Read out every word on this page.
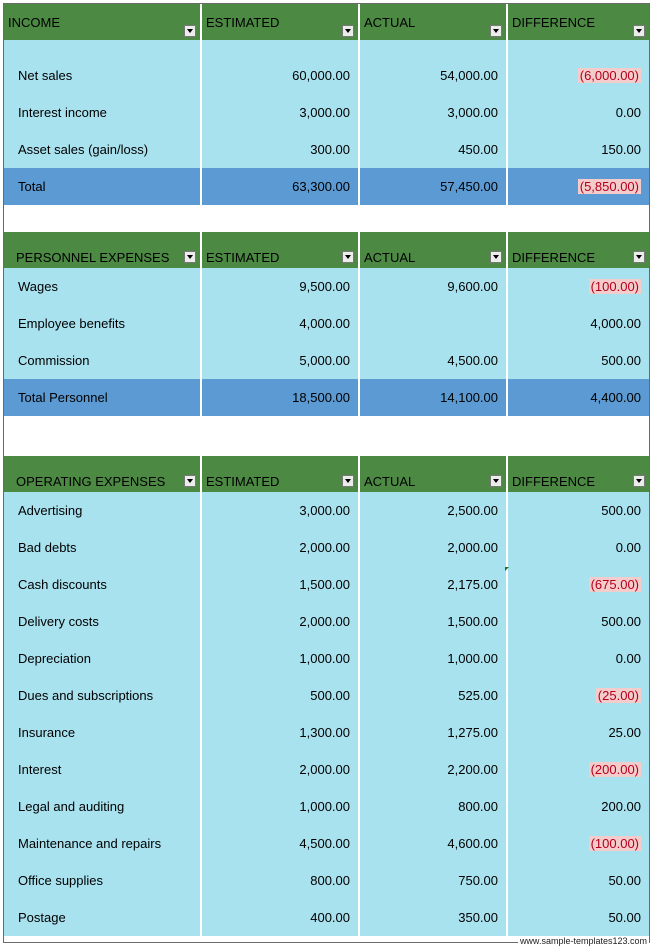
INCOME	ESTIMATED	ACTUAL	DIFFERENCE

Net sales	60,000.00	54,000.00	(6,000.00)
Interest income	3,000.00	3,000.00	0.00
Asset sales (gain/loss)	300.00	450.00	150.00
Total	63,300.00	57,450.00	(5,850.00)
PERSONNEL EXPENSES	ESTIMATED	ACTUAL	DIFFERENCE

Wages	9,500.00	9,600.00	(100.00)
Employee benefits	4,000.00		4,000.00
Commission	5,000.00	4,500.00	500.00
Total Personnel	18,500.00	14,100.00	4,400.00
OPERATING EXPENSES	ESTIMATED	ACTUAL	DIFFERENCE

Advertising	3,000.00	2,500.00	500.00
Bad debts	2,000.00	2,000.00	0.00
Cash discounts	1,500.00	2,175.00	(675.00)
Delivery costs	2,000.00	1,500.00	500.00
Depreciation	1,000.00	1,000.00	0.00
Dues and subscriptions	500.00	525.00	(25.00)
Insurance	1,300.00	1,275.00	25.00
Interest	2,000.00	2,200.00	(200.00)
Legal and auditing	1,000.00	800.00	200.00
Maintenance and repairs	4,500.00	4,600.00	(100.00)
Office supplies	800.00	750.00	50.00
Postage	400.00	350.00	50.00
www.sample-templates123.com
